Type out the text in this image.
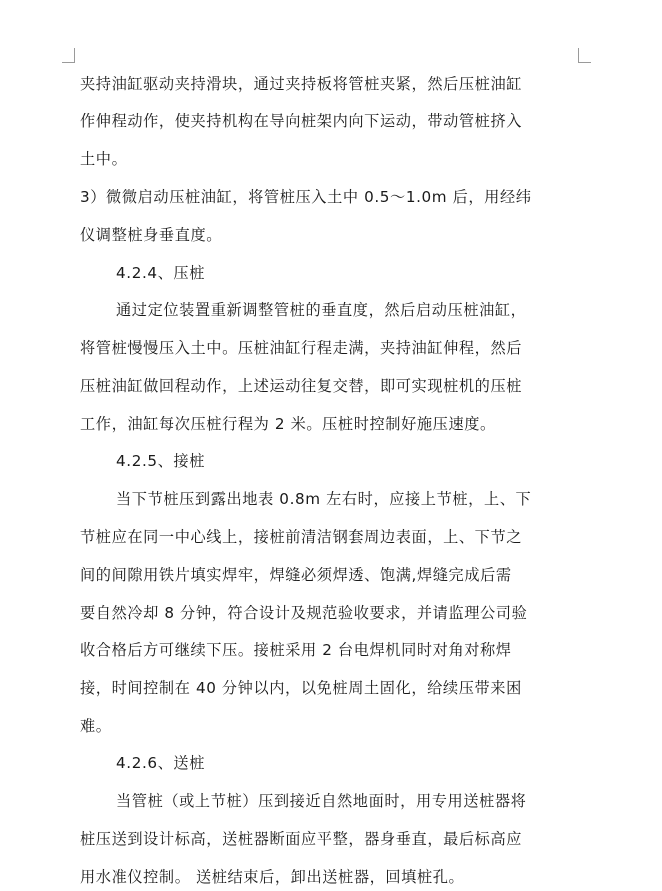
夹持油缸驱动夹持滑块，通过夹持板将管桩夹紧，然后压桩油缸
作伸程动作，使夹持机构在导向桩架内向下运动，带动管桩挤入
土中。
3）微微启动压桩油缸，将管桩压入土中 0.5～1.0m 后，用经纬
仪调整桩身垂直度。
4.2.4、压桩
通过定位装置重新调整管桩的垂直度，然后启动压桩油缸，
将管桩慢慢压入土中。压桩油缸行程走满，夹持油缸伸程，然后
压桩油缸做回程动作，上述运动往复交替，即可实现桩机的压桩
工作，油缸每次压桩行程为 2 米。压桩时控制好施压速度。
4.2.5、接桩
当下节桩压到露出地表 0.8m 左右时，应接上节桩，上、下
节桩应在同一中心线上，接桩前清洁钢套周边表面，上、下节之
间的间隙用铁片填实焊牢，焊缝必须焊透、饱满,焊缝完成后需
要自然冷却 8 分钟，符合设计及规范验收要求，并请监理公司验
收合格后方可继续下压。接桩采用 2 台电焊机同时对角对称焊
接，时间控制在 40 分钟以内，以免桩周土固化，给续压带来困
难。
4.2.6、送桩
当管桩（或上节桩）压到接近自然地面时，用专用送桩器将
桩压送到设计标高，送桩器断面应平整，器身垂直，最后标高应
用水准仪控制。 送桩结束后，卸出送桩器，回填桩孔。
